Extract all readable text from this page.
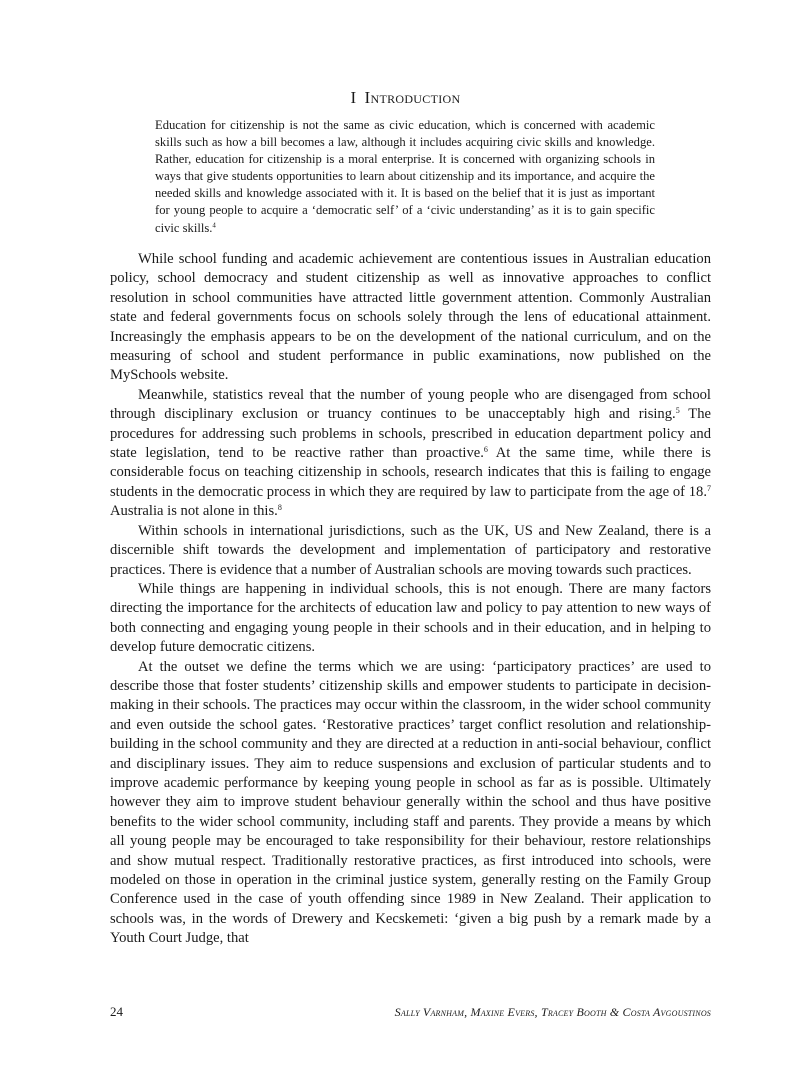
I Introduction

Education for citizenship is not the same as civic education, which is concerned with academic skills such as how a bill becomes a law, although it includes acquiring civic skills and knowledge. Rather, education for citizenship is a moral enterprise. It is concerned with organizing schools in ways that give students opportunities to learn about citizenship and its importance, and acquire the needed skills and knowledge associated with it. It is based on the belief that it is just as important for young people to acquire a ‘democratic self’ of a ‘civic understanding’ as it is to gain specific civic skills.$^4$

While school funding and academic achievement are contentious issues in Australian education policy, school democracy and student citizenship as well as innovative approaches to conflict resolution in school communities have attracted little government attention. Commonly Australian state and federal governments focus on schools solely through the lens of educational attainment. Increasingly the emphasis appears to be on the development of the national curriculum, and on the measuring of school and student performance in public examinations, now published on the MySchools website.

Meanwhile, statistics reveal that the number of young people who are disengaged from school through disciplinary exclusion or truancy continues to be unacceptably high and rising.$^5$ The procedures for addressing such problems in schools, prescribed in education department policy and state legislation, tend to be reactive rather than proactive.$^6$ At the same time, while there is considerable focus on teaching citizenship in schools, research indicates that this is failing to engage students in the democratic process in which they are required by law to participate from the age of 18.$^7$ Australia is not alone in this.$^8$

Within schools in international jurisdictions, such as the UK, US and New Zealand, there is a discernible shift towards the development and implementation of participatory and restorative practices. There is evidence that a number of Australian schools are moving towards such practices.

While things are happening in individual schools, this is not enough. There are many factors directing the importance for the architects of education law and policy to pay attention to new ways of both connecting and engaging young people in their schools and in their education, and in helping to develop future democratic citizens.

At the outset we define the terms which we are using: ‘participatory practices’ are used to describe those that foster students’ citizenship skills and empower students to participate in decision-making in their schools. The practices may occur within the classroom, in the wider school community and even outside the school gates. ‘Restorative practices’ target conflict resolution and relationship-building in the school community and they are directed at a reduction in anti-social behaviour, conflict and disciplinary issues. They aim to reduce suspensions and exclusion of particular students and to improve academic performance by keeping young people in school as far as is possible. Ultimately however they aim to improve student behaviour generally within the school and thus have positive benefits to the wider school community, including staff and parents. They provide a means by which all young people may be encouraged to take responsibility for their behaviour, restore relationships and show mutual respect. Traditionally restorative practices, as first introduced into schools, were modeled on those in operation in the criminal justice system, generally resting on the Family Group Conference used in the case of youth offending since 1989 in New Zealand. Their application to schools was, in the words of Drewery and Kecskemeti: ‘given a big push by a remark made by a Youth Court Judge, that

24	Sally Varnham, Maxine Evers, Tracey Booth & Costa Avgoustinos
